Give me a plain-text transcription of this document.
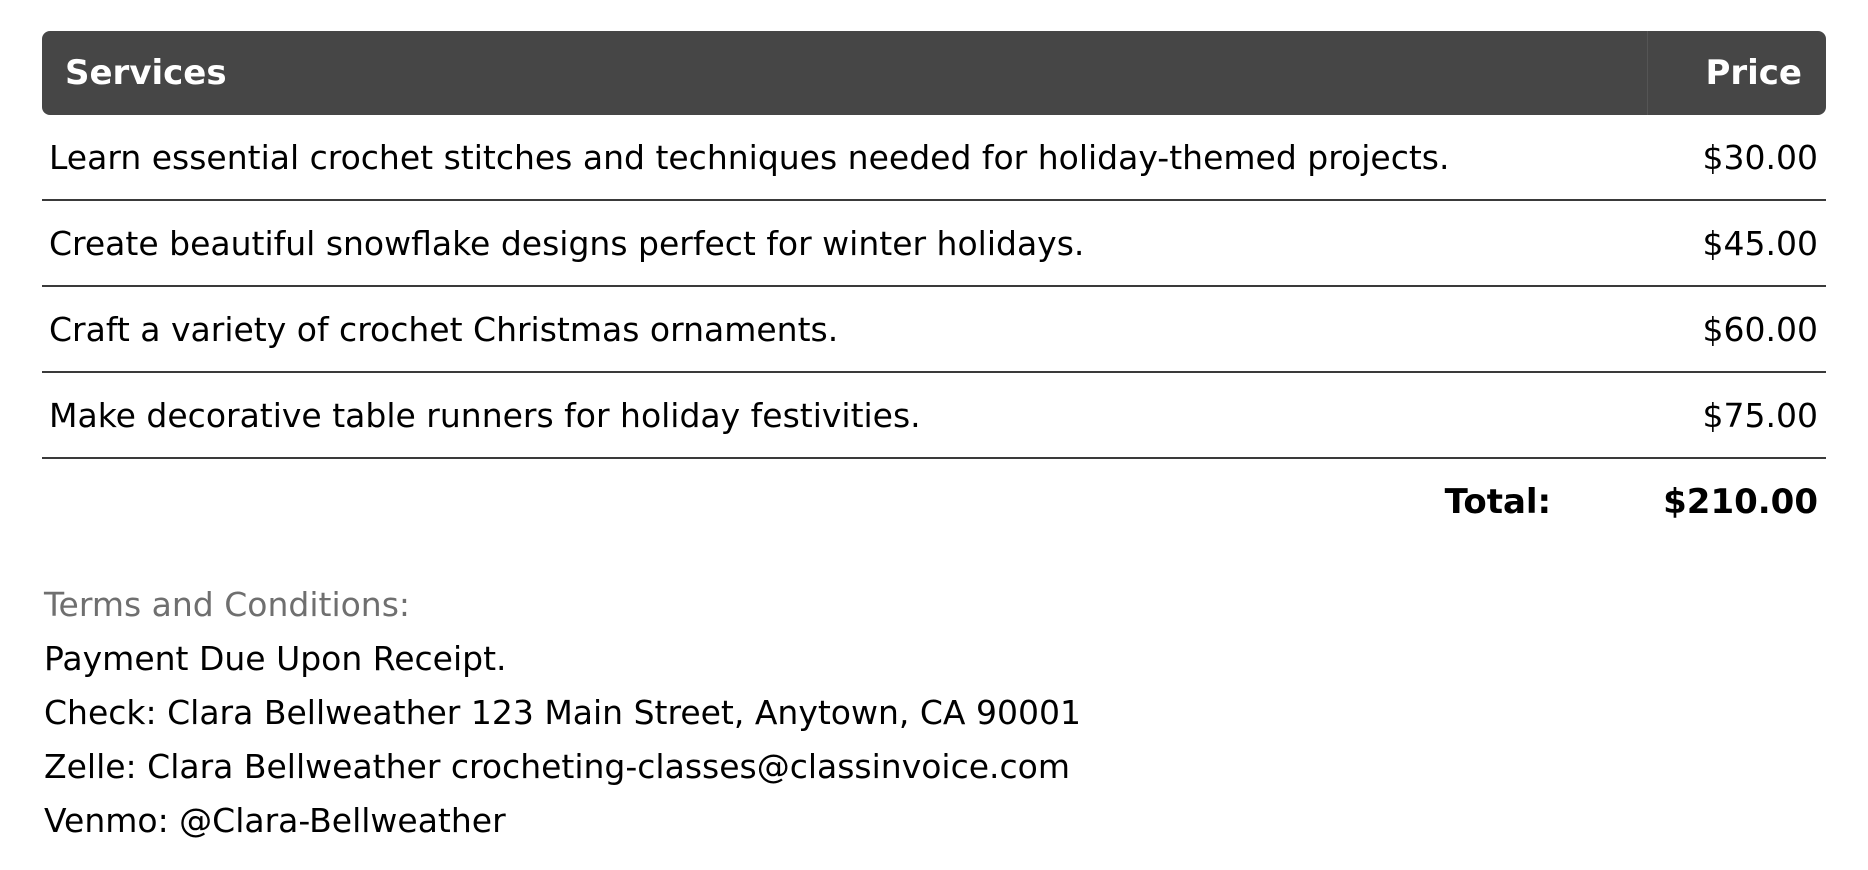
Services	Price
Learn essential crochet stitches and techniques needed for holiday-themed projects.	$30.00
Create beautiful snowflake designs perfect for winter holidays.	$45.00
Craft a variety of crochet Christmas ornaments.	$60.00
Make decorative table runners for holiday festivities.	$75.00
Total:	$210.00
Terms and Conditions:
Payment Due Upon Receipt.
Check: Clara Bellweather 123 Main Street, Anytown, CA 90001
Zelle: Clara Bellweather crocheting-classes@classinvoice.com
Venmo: @Clara-Bellweather
